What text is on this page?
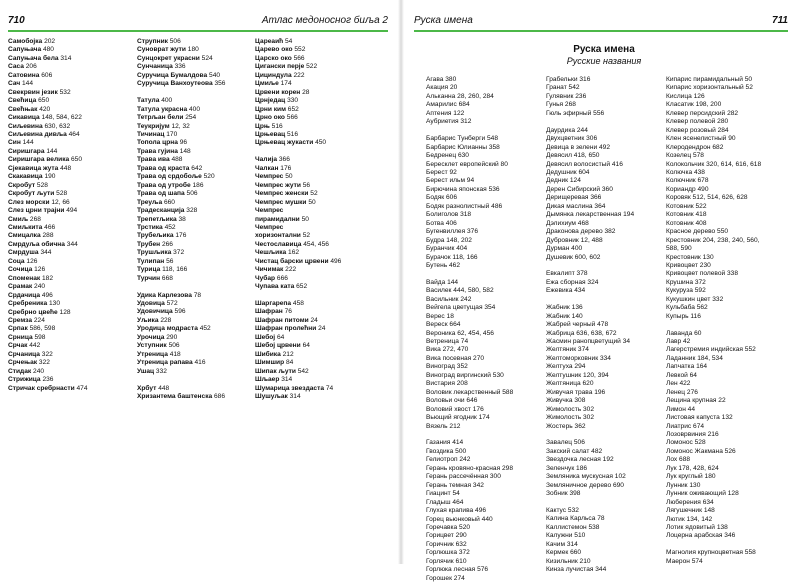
710	Атлас медоносног биља 2
Самобојка 202
Сапуњача 480
Сапуњача бела 314
Саса 206
Сатовина 606
Сач 144
Свекрвин језик 532
Свећица 650
Свећњак 420
Сикавица 148, 584, 622
Сиљевина 630, 632
Сиљевина дивља 464
Син 144
Сиришгара 144
Сиришгара велика 650
Сјекавица жута 448
Скакавица 190
Скробут 528
Скробут љути 528
Слез морски 12, 66
Слез црни трајни 494
Смиљ 268
Смиљкита 466
Смицалка 288
Смрдуља обична 344
Смрдуша 344
Соца 126
Сочица 126
Споменак 182
Срамак 240
Срдачица 496
Сребреника 130
Сребрно цвеће 128
Сремза 224
Српак 586, 598
Срница 598
Срчак 442
Срчаница 322
Срчењак 322
Стидак 240
Стрижица 236
Стричак сребрнасти 474
Струпник 506
Суноврат жути 180
Сунцокрет украсни 524
Сунчаница 336
Суручица Бумалдова 540
Суручица Ванхоутеова 356
Татула 400
Татула украсна 400
Тетрљан бели 254
Теукријум 12, 32
Тичинац 170
Тополa црна 96
Трава гујина 148
Трава ива 488
Трава од краста 642
Трава од срдобоље 520
Трава од утробе 186
Трава од шапа 506
Треуља 660
Традесканција 328
Трепетљика 38
Трстика 452
Трубељика 176
Трубен 266
Трушљика 372
Тулипан 56
Турица 118, 166
Турчин 668
Удика Карлезова 78
Удовица 572
Удовичица 596
Уљика 228
Уродица модраста 452
Урочица 290
Уступник 506
Утреница 418
Утреница рапава 416
Ушац 332
Хрбут 448
Хризантема баштенска 686
Цареаић 54
Царево око 552
Царско око 566
Цигански перје 522
Цициндула 222
Цмиље 174
Црвени корен 28
Црнједац 330
Црни ким 652
Црно око 566
Црњ 516
Црњевац 516
Црњевац жукасти 450
Чалија 366
Чалкан 176
Чемпрес 50
Чемпрес жути 56
Чемпрес женски 52
Чемпрес мушки 50
Чемпрес
пирамидални 50
Чемпрес
хоризонтални 52
Честославица 454, 456
Чешљика 162
Чистац барски црвени 496
Чичимак 222
Чубар 666
Чупава ката 652
Шаргарепа 458
Шафран 76
Шафран питоми 24
Шафран пролећни 24
Шебој 64
Шебој црвени 64
Шибика 212
Шимшир 84
Шипак љути 542
Шљаер 314
Шумарица звездаста 74
Шушуљак 314
Руска имена	711
Руска имена
Русские названия
Агава 380
Акация 20
Альканна 28, 260, 284
Амарилис 684
Аптения 122
Аубриетия 312
Барбарис Тунберги 548
Барбарис Юлианны 358
Бедренец 630
Бересклет европейский 80
Берест 92
Берест ильм 94
Бирючина японская 536
Бодяк 606
Бодяк разнолистный 486
Болиголов 318
Ботва 406
Бугенвиллея 376
Будра 148, 202
Буранчик 404
Бурачок 118, 166
Бутень 462
Вайда 144
Василек 444, 580, 582
Васильник 242
Вейгела цветущая 354
Верес 18
Вереск 664
Вероника 62, 454, 456
Ветреница 74
Вика 272, 470
Вика посевная 270
Виноград 352
Виноград виргинский 530
Вистария 208
Воловик лекарственный 588
Воловьи очи 646
Воловий хвост 176
Вьющий ягодник 174
Вязель 212
Газания 414
Гвоздика 500
Гелиотроп 242
Герань кровяно-красная 298
Герань рассечённая 300
Герань темная 342
Гиацинт 54
Гладыш 464
Глухая крапива 496
Горец вьюнковый 440
Горечавка 520
Горицвет 290
Горичник 632
Горлюшка 372
Горлячик 610
Горлюка лесная 576
Горошек 274
Грабельки 316
Гранат 542
Гулявник 236
Гунья 268
Гюль эфирный 556
Даурдика 244
Двухцветник 306
Девица в зелени 492
Девясил 418, 650
Девясил волосистый 416
Дедушник 604
Дедник 124
Дерен Сибирский 360
Дерищеревая 366
Дикая маслина 364
Дымянка лекарственная 194
Дэлихиум 468
Драконова дерево 382
Дубровник 12, 488
Дурман 400
Душевик 600, 602
Евкалипт 378
Ежа сборная 324
Ежевика 434
Жабник 136
Жабник 140
Жабрей черный 478
Жабрица 636, 638, 672
Жасмин ранопцветущий 34
Желтяник 374
Желтоморковник 334
Желтуха 294
Желтушник 120, 394
Желтяница 620
Живучая трава 196
Живучка 308
Жимолость 302
Жимолость 302
Жостерь 362
Завалец 506
Закский салат 482
Звездочка лесная 192
Зеленчук 186
Земляника мускусная 102
Земляничное дерево 690
Зобник 398
Кактус 532
Калина Карльса 78
Каллистемон 538
Калужни 510
Качим 314
Кермек 660
Кизильник 210
Кинза лучистая 344
Кипарис пирамидальный 50
Кипарис хоризонтальный 52
Кислица 126
Класатик 198, 200
Клевер персидский 282
Клевер полевой 280
Клевер розовый 284
Клен ясенелистный 90
Клеродендрон 682
Козелец 578
Колокольчик 320, 614, 616, 618
Колючка 438
Колючник 678
Кориандр 490
Коровяк 512, 514, 626, 628
Котовник 522
Котовник 418
Котовник 408
Красное дерево 550
Крестовник 204, 238, 240, 560,
588, 590
Крестовник 130
Кривоцвет 230
Кривоцвет полевой 338
Крушина 372
Кукуруза 592
Кукушкин цвет 332
Кульбаба 562
Купырь 116
Лаванда 60
Лавр 42
Лагерстремия индийская 552
Ладанник 184, 534
Лапчатка 164
Левкой 64
Лен 422
Ленец 276
Лещина крупная 22
Лимон 44
Листовая капуста 132
Лиатрис 674
Лозоврвиния 216
Ломонос 528
Ломонос Жакмана 526
Лох 688
Лук 178, 428, 624
Лук круглый 180
Лунник 130
Лунник оживающий 128
Люберения 634
Лягушечник 148
Лютик 134, 142
Лотик ядовитый 138
Лоцерна арабская 346
Магнолия крупноцветная 558
Маерон 574
